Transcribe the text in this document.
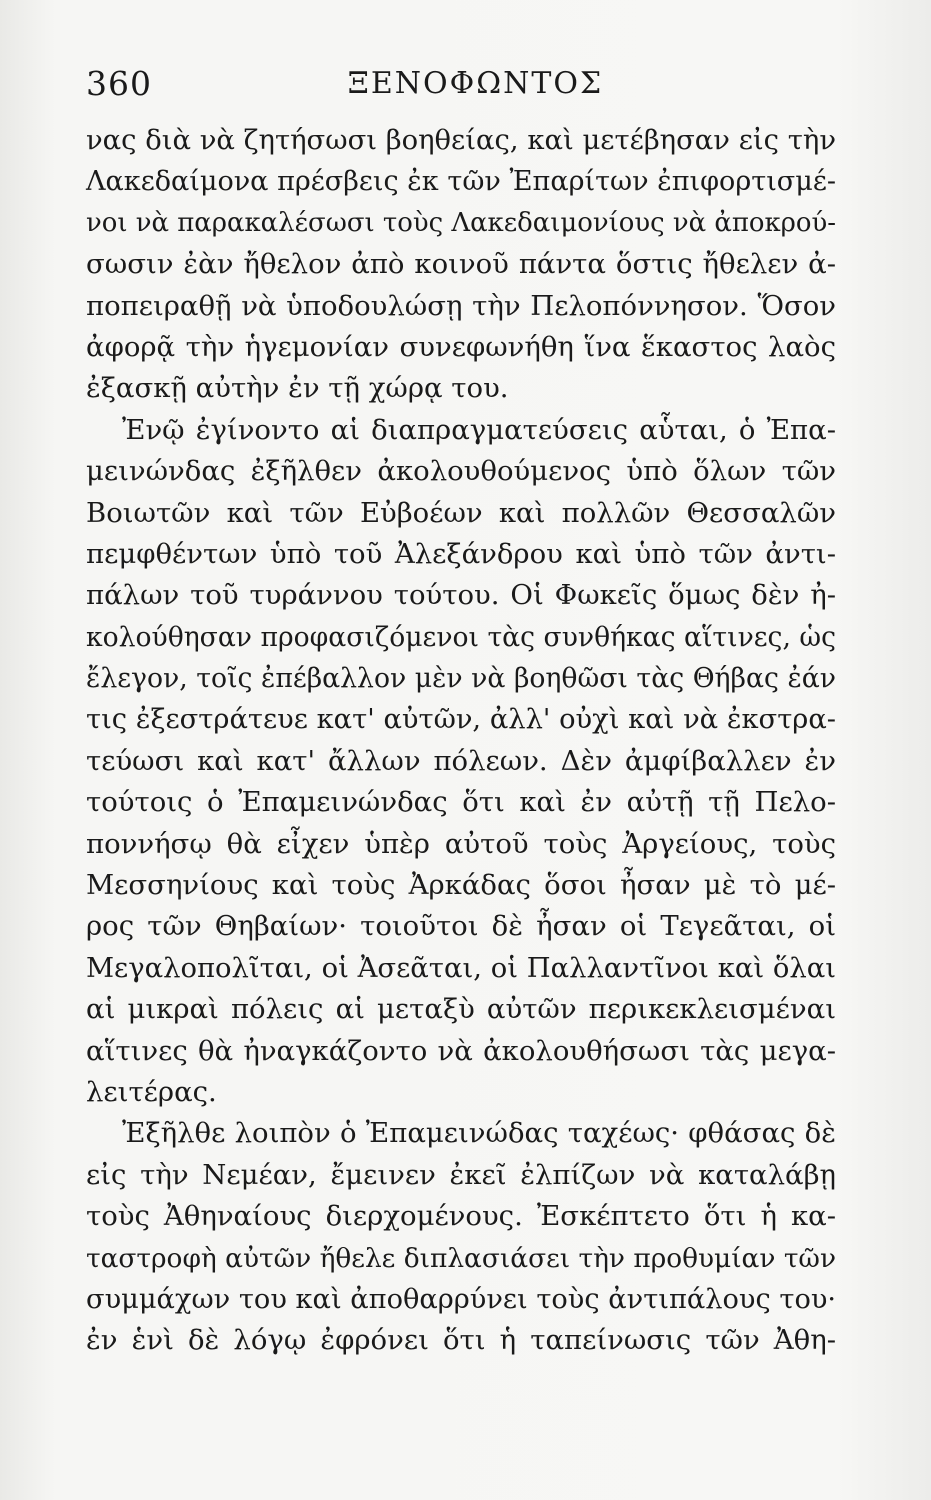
360	ΞΕΝΟΦΩΝΤΟΣ
νας διὰ νὰ ζητήσωσι βοηθείας, καὶ μετέβησαν εἰς τὴν
Λακεδαίμονα πρέσβεις ἐκ τῶν Ἐπαρίτων ἐπιφορτισμέ-
νοι νὰ παρακαλέσωσι τοὺς Λακεδαιμονίους νὰ ἀποκρού-
σωσιν ἐὰν ἤθελον ἀπὸ κοινοῦ πάντα ὅστις ἤθελεν ἀ-
ποπειραθῇ νὰ ὑποδουλώσῃ τὴν Πελοπόννησον. Ὅσον
ἀφορᾷ τὴν ἡγεμονίαν συνεφωνήθη ἵνα ἕκαστος λαὸς
ἐξασκῇ αὐτὴν ἐν τῇ χώρᾳ του.
Ἐνῷ ἐγίνοντο αἱ διαπραγματεύσεις αὗται, ὁ Ἐπα-
μεινώνδας ἐξῆλθεν ἀκολουθούμενος ὑπὸ ὅλων τῶν
Βοιωτῶν καὶ τῶν Εὐβοέων καὶ πολλῶν Θεσσαλῶν
πεμφθέντων ὑπὸ τοῦ Ἀλεξάνδρου καὶ ὑπὸ τῶν ἀντι-
πάλων τοῦ τυράννου τούτου. Οἱ Φωκεῖς ὅμως δὲν ἠ-
κολούθησαν προφασιζόμενοι τὰς συνθήκας αἵτινες, ὡς
ἔλεγον, τοῖς ἐπέβαλλον μὲν νὰ βοηθῶσι τὰς Θήβας ἐάν
τις ἐξεστράτευε κατ' αὐτῶν, ἀλλ' οὐχὶ καὶ νὰ ἐκστρα-
τεύωσι καὶ κατ' ἄλλων πόλεων. Δὲν ἀμφίβαλλεν ἐν
τούτοις ὁ Ἐπαμεινώνδας ὅτι καὶ ἐν αὐτῇ τῇ Πελο-
ποννήσῳ θὰ εἶχεν ὑπὲρ αὐτοῦ τοὺς Ἀργείους, τοὺς
Μεσσηνίους καὶ τοὺς Ἀρκάδας ὅσοι ἦσαν μὲ τὸ μέ-
ρος τῶν Θηβαίων· τοιοῦτοι δὲ ἦσαν οἱ Τεγεᾶται, οἱ
Μεγαλοπολῖται, οἱ Ἀσεᾶται, οἱ Παλλαντῖνοι καὶ ὅλαι
αἱ μικραὶ πόλεις αἱ μεταξὺ αὐτῶν περικεκλεισμέναι
αἵτινες θὰ ἠναγκάζοντο νὰ ἀκολουθήσωσι τὰς μεγα-
λειτέρας.
Ἐξῆλθε λοιπὸν ὁ Ἐπαμεινώδας ταχέως· φθάσας δὲ
εἰς τὴν Νεμέαν, ἔμεινεν ἐκεῖ ἐλπίζων νὰ καταλάβῃ
τοὺς Ἀθηναίους διερχομένους. Ἐσκέπτετο ὅτι ἡ κα-
ταστροφὴ αὐτῶν ἤθελε διπλασιάσει τὴν προθυμίαν τῶν
συμμάχων του καὶ ἀποθαρρύνει τοὺς ἀντιπάλους του·
ἐν ἑνὶ δὲ λόγῳ ἐφρόνει ὅτι ἡ ταπείνωσις τῶν Ἀθη-
